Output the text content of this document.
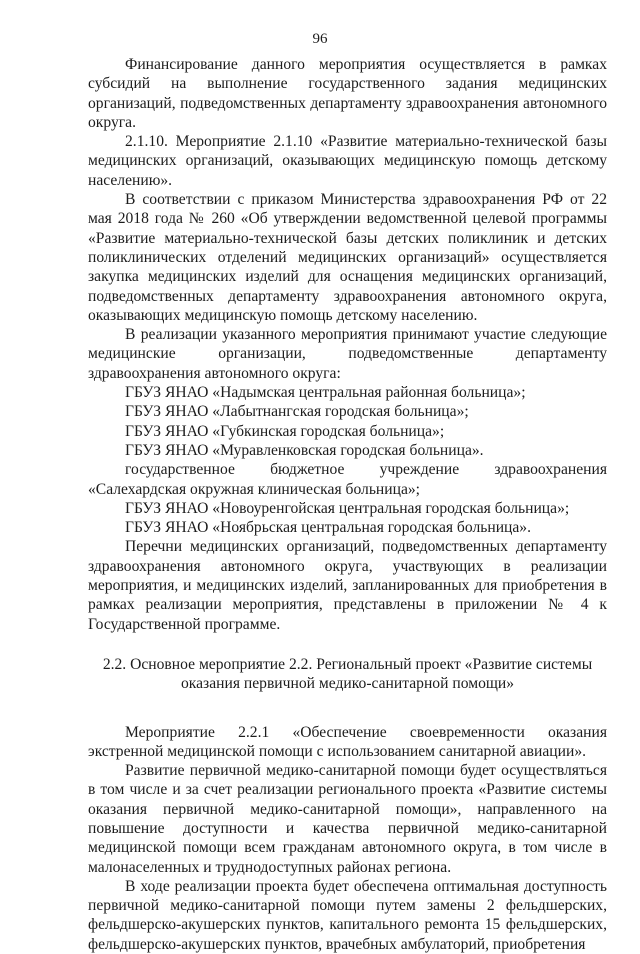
96

Финансирование данного мероприятия осуществляется в рамках субсидий на выполнение государственного задания медицинских организаций, подведомственных департаменту здравоохранения автономного округа.

2.1.10. Мероприятие 2.1.10 «Развитие материально-технической базы медицинских организаций, оказывающих медицинскую помощь детскому населению».

В соответствии с приказом Министерства здравоохранения РФ от 22 мая 2018 года № 260 «Об утверждении ведомственной целевой программы «Развитие материально-технической базы детских поликлиник и детских поликлинических отделений медицинских организаций» осуществляется закупка медицинских изделий для оснащения медицинских организаций, подведомственных департаменту здравоохранения автономного округа, оказывающих медицинскую помощь детскому населению.

В реализации указанного мероприятия принимают участие следующие медицинские организации, подведомственные департаменту здравоохранения автономного округа:

ГБУЗ ЯНАО «Надымская центральная районная больница»;

ГБУЗ ЯНАО «Лабытнангская городская больница»;

ГБУЗ ЯНАО «Губкинская городская больница»;

ГБУЗ ЯНАО «Муравленковская городская больница».

государственное бюджетное учреждение здравоохранения «Салехардская окружная клиническая больница»;

ГБУЗ ЯНАО «Новоуренгойская центральная городская больница»;

ГБУЗ ЯНАО «Ноябрьская центральная городская больница».

Перечни медицинских организаций, подведомственных департаменту здравоохранения автономного округа, участвующих в реализации мероприятия, и медицинских изделий, запланированных для приобретения в рамках реализации мероприятия, представлены в приложении № 4 к Государственной программе.

2.2. Основное мероприятие 2.2. Региональный проект «Развитие системы
оказания первичной медико-санитарной помощи»

Мероприятие 2.2.1 «Обеспечение своевременности оказания экстренной медицинской помощи с использованием санитарной авиации».

Развитие первичной медико-санитарной помощи будет осуществляться в том числе и за счет реализации регионального проекта «Развитие системы оказания первичной медико-санитарной помощи», направленного на повышение доступности и качества первичной медико-санитарной медицинской помощи всем гражданам автономного округа, в том числе в малонаселенных и труднодоступных районах региона.

В ходе реализации проекта будет обеспечена оптимальная доступность первичной медико-санитарной помощи путем замены 2 фельдшерских, фельдшерско-акушерских пунктов, капитального ремонта 15 фельдшерских, фельдшерско-акушерских пунктов, врачебных амбулаторий, приобретения
